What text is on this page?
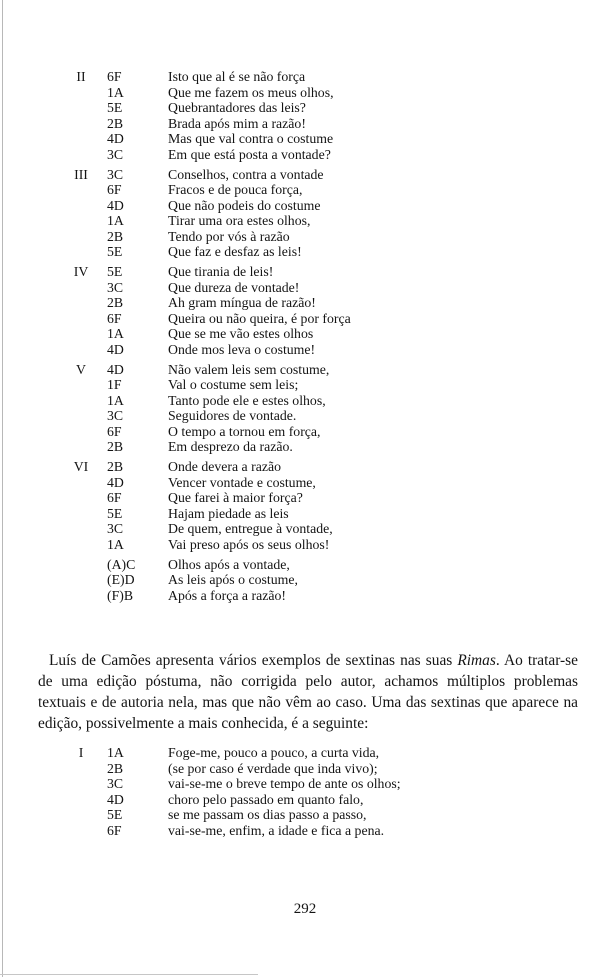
II	6F	Isto que al é se não força
1A	Que me fazem os meus olhos,
5E	Quebrantadores das leis?
2B	Brada após mim a razão!
4D	Mas que val contra o costume
3C	Em que está posta a vontade?
III	3C	Conselhos, contra a vontade
6F	Fracos e de pouca força,
4D	Que não podeis do costume
1A	Tirar uma ora estes olhos,
2B	Tendo por vós à razão
5E	Que faz e desfaz as leis!
IV	5E	Que tirania de leis!
3C	Que dureza de vontade!
2B	Ah gram míngua de razão!
6F	Queira ou não queira, é por força
1A	Que se me vão estes olhos
4D	Onde mos leva o costume!
V	4D	Não valem leis sem costume,
1F	Val o costume sem leis;
1A	Tanto pode ele e estes olhos,
3C	Seguidores de vontade.
6F	O tempo a tornou em força,
2B	Em desprezo da razão.
VI	2B	Onde devera a razão
4D	Vencer vontade e costume,
6F	Que farei à maior força?
5E	Hajam piedade as leis
3C	De quem, entregue à vontade,
1A	Vai preso após os seus olhos!
(A)C	Olhos após a vontade,
(E)D	As leis após o costume,
(F)B	Após a força a razão!

Luís de Camões apresenta vários exemplos de sextinas nas suas Rimas. Ao tratar-se de uma edição póstuma, não corrigida pelo autor, achamos múltiplos problemas textuais e de autoria nela, mas que não vêm ao caso. Uma das sextinas que aparece na edição, possivelmente a mais conhecida, é a seguinte:

I	1A	Foge-me, pouco a pouco, a curta vida,
2B	(se por caso é verdade que inda vivo);
3C	vai-se-me o breve tempo de ante os olhos;
4D	choro pelo passado em quanto falo,
5E	se me passam os dias passo a passo,
6F	vai-se-me, enfim, a idade e fica a pena.
292
